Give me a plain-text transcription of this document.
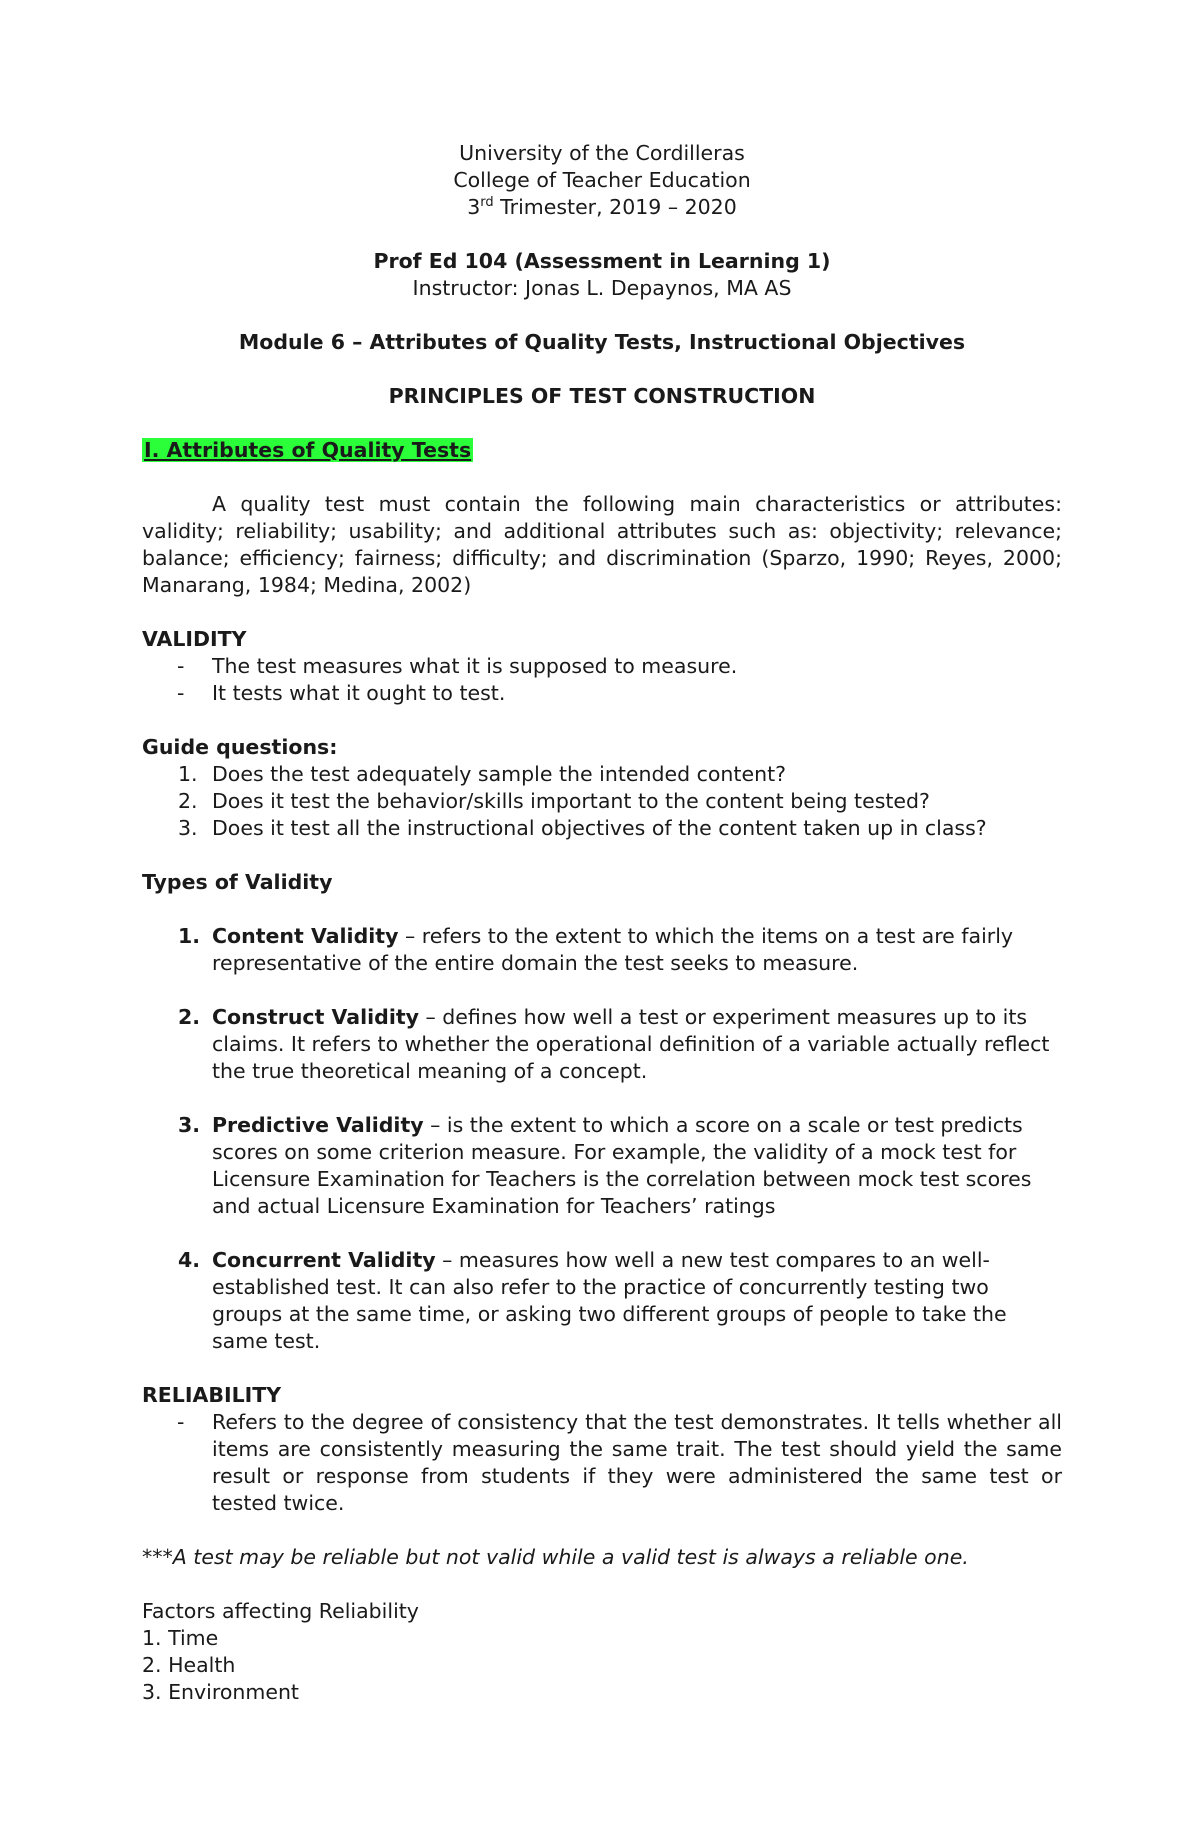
University of the Cordilleras
College of Teacher Education
3rd Trimester, 2019 – 2020
Prof Ed 104 (Assessment in Learning 1)
Instructor: Jonas L. Depaynos, MA AS
Module 6 – Attributes of Quality Tests, Instructional Objectives
PRINCIPLES OF TEST CONSTRUCTION
I. Attributes of Quality Tests
A quality test must contain the following main characteristics or attributes: validity; reliability; usability; and additional attributes such as: objectivity; relevance; balance; efficiency; fairness; difficulty; and discrimination (Sparzo, 1990; Reyes, 2000; Manarang, 1984; Medina, 2002)
VALIDITY
- The test measures what it is supposed to measure.
- It tests what it ought to test.
Guide questions:
1. Does the test adequately sample the intended content?
2. Does it test the behavior/skills important to the content being tested?
3. Does it test all the instructional objectives of the content taken up in class?
Types of Validity
1. Content Validity – refers to the extent to which the items on a test are fairly representative of the entire domain the test seeks to measure.
2. Construct Validity – defines how well a test or experiment measures up to its claims. It refers to whether the operational definition of a variable actually reflect the true theoretical meaning of a concept.
3. Predictive Validity – is the extent to which a score on a scale or test predicts scores on some criterion measure. For example, the validity of a mock test for Licensure Examination for Teachers is the correlation between mock test scores and actual Licensure Examination for Teachers’ ratings
4. Concurrent Validity – measures how well a new test compares to an well-established test. It can also refer to the practice of concurrently testing two groups at the same time, or asking two different groups of people to take the same test.
RELIABILITY
- Refers to the degree of consistency that the test demonstrates. It tells whether all items are consistently measuring the same trait. The test should yield the same result or response from students if they were administered the same test or tested twice.
***A test may be reliable but not valid while a valid test is always a reliable one.
Factors affecting Reliability
1. Time
2. Health
3. Environment
